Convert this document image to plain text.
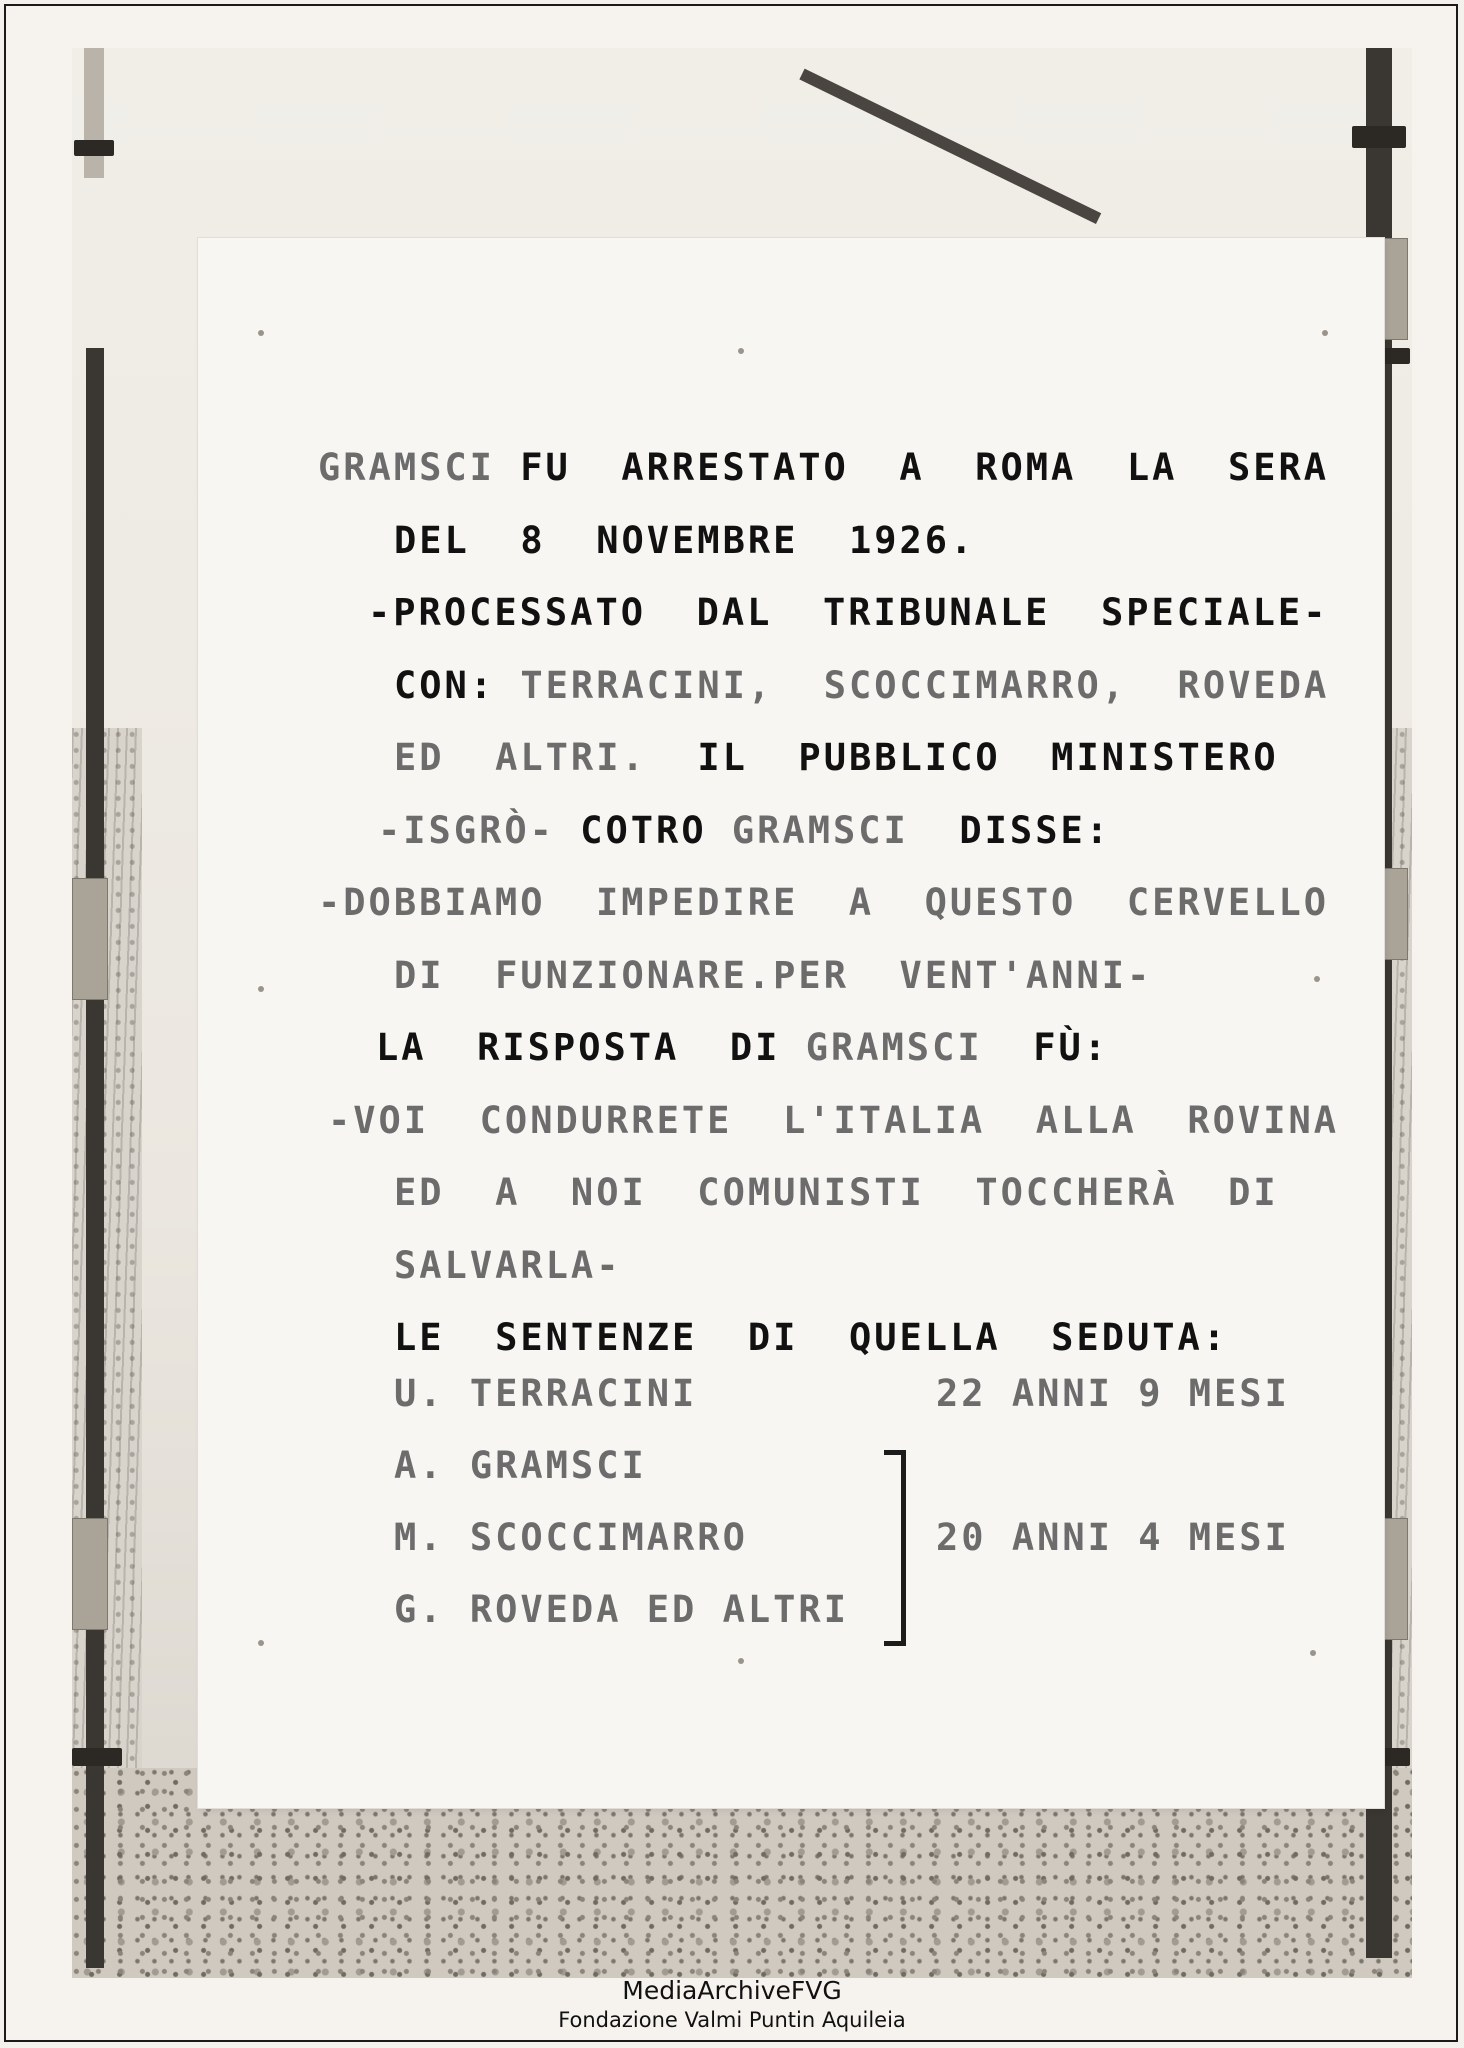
GRAMSCI FU  ARRESTATO  A  ROMA  LA  SERA

DEL  8  NOVEMBRE  1926.

-PROCESSATO  DAL  TRIBUNALE  SPECIALE-

CON: TERRACINI,  SCOCCIMARRO,  ROVEDA

ED  ALTRI.  IL  PUBBLICO  MINISTERO

-ISGRÒ- COTRO GRAMSCI  DISSE:

-DOBBIAMO  IMPEDIRE  A  QUESTO  CERVELLO

DI  FUNZIONARE.PER  VENT'ANNI-

LA  RISPOSTA  DI GRAMSCI  FÙ:

-VOI  CONDURRETE  L'ITALIA  ALLA  ROVINA

ED  A  NOI  COMUNISTI  TOCCHERÀ  DI

SALVARLA-

LE  SENTENZE  DI  QUELLA  SEDUTA:

U. TERRACINI	22 ANNI 9 MESI

A. GRAMSCI

M. SCOCCIMARRO	20 ANNI 4 MESI

G. ROVEDA ED ALTRI

MediaArchiveFVG
Fondazione Valmi Puntin Aquileia
